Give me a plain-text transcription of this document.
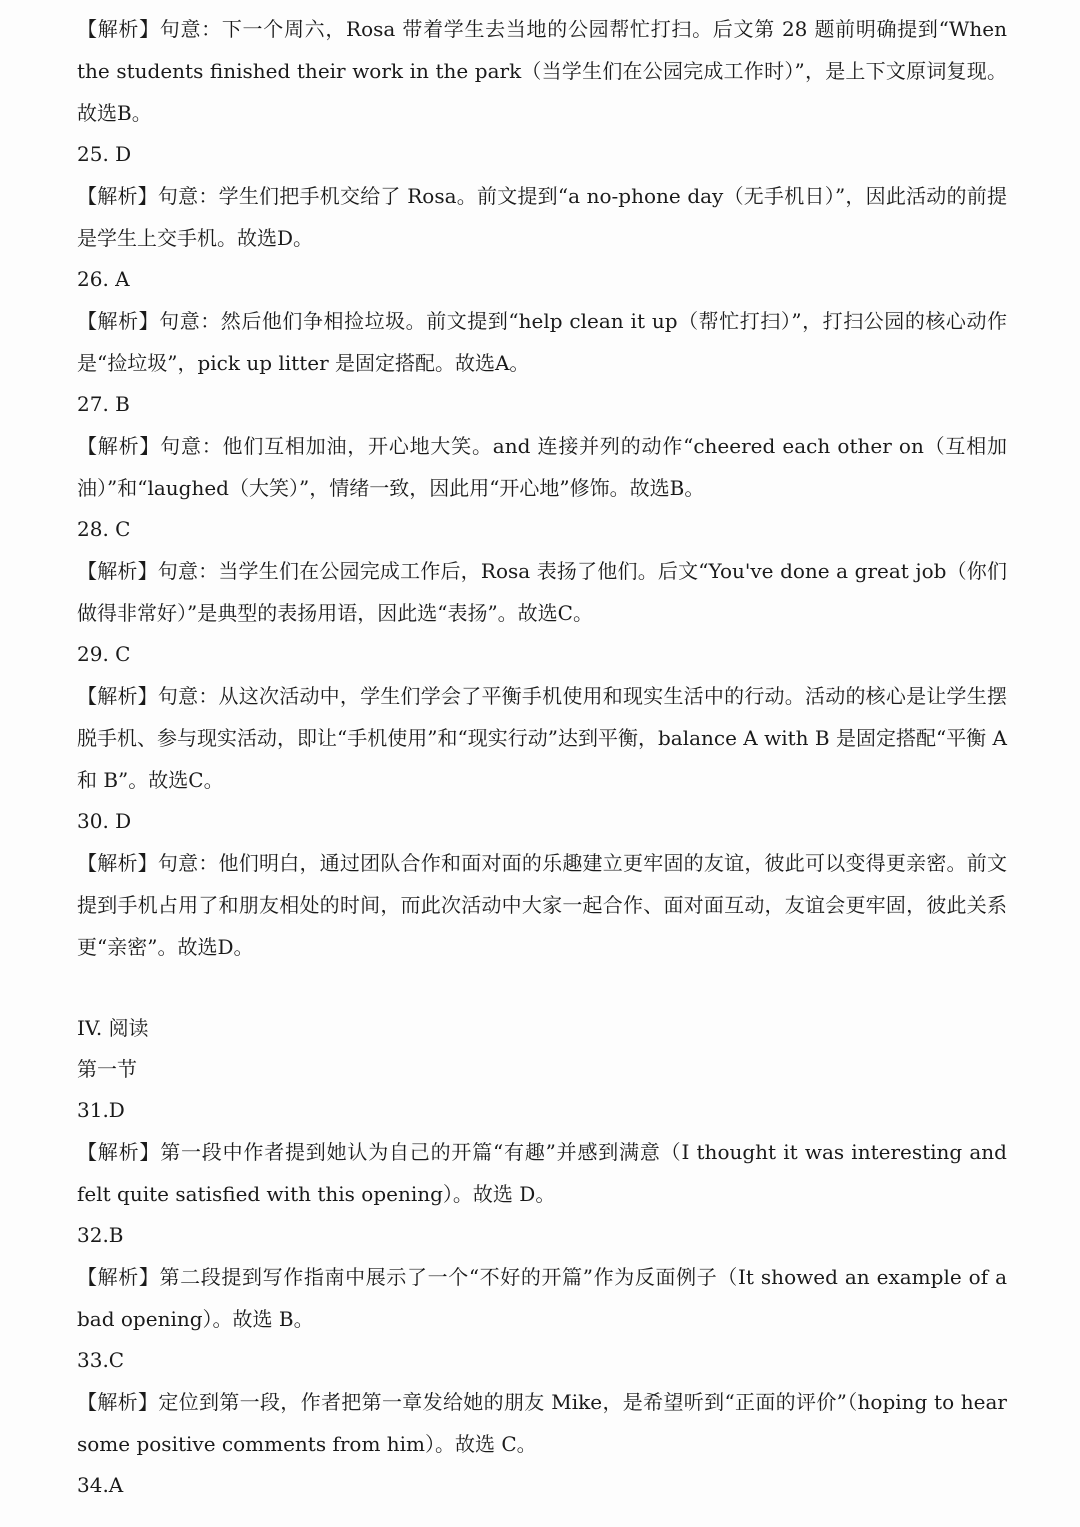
【解析】句意：下一个周六，Rosa 带着学生去当地的公园帮忙打扫。后文第 28 题前明确提到“When the students finished their work in the park（当学生们在公园完成工作时）”，是上下文原词复现。故选B。
25. D
【解析】句意：学生们把手机交给了 Rosa。前文提到“a no-phone day（无手机日）”，因此活动的前提是学生上交手机。故选D。
26. A
【解析】句意：然后他们争相捡垃圾。前文提到“help clean it up（帮忙打扫）”，打扫公园的核心动作是“捡垃圾”，pick up litter 是固定搭配。故选A。
27. B
【解析】句意：他们互相加油，开心地大笑。and 连接并列的动作“cheered each other on（互相加油）”和“laughed（大笑）”，情绪一致，因此用“开心地”修饰。故选B。
28. C
【解析】句意：当学生们在公园完成工作后，Rosa 表扬了他们。后文“You've done a great job（你们做得非常好）”是典型的表扬用语，因此选“表扬”。故选C。
29. C
【解析】句意：从这次活动中，学生们学会了平衡手机使用和现实生活中的行动。活动的核心是让学生摆脱手机、参与现实活动，即让“手机使用”和“现实行动”达到平衡，balance A with B 是固定搭配“平衡 A 和 B”。故选C。
30. D
【解析】句意：他们明白，通过团队合作和面对面的乐趣建立更牢固的友谊，彼此可以变得更亲密。前文提到手机占用了和朋友相处的时间，而此次活动中大家一起合作、面对面互动，友谊会更牢固，彼此关系更“亲密”。故选D。
IV. 阅读
第一节
31.D
【解析】第一段中作者提到她认为自己的开篇“有趣”并感到满意（I thought it was interesting and felt quite satisfied with this opening）。故选 D。
32.B
【解析】第二段提到写作指南中展示了一个“不好的开篇”作为反面例子（It showed an example of a bad opening）。故选 B。
33.C
【解析】定位到第一段，作者把第一章发给她的朋友 Mike，是希望听到“正面的评价”（hoping to hear some positive comments from him）。故选 C。
34.A
